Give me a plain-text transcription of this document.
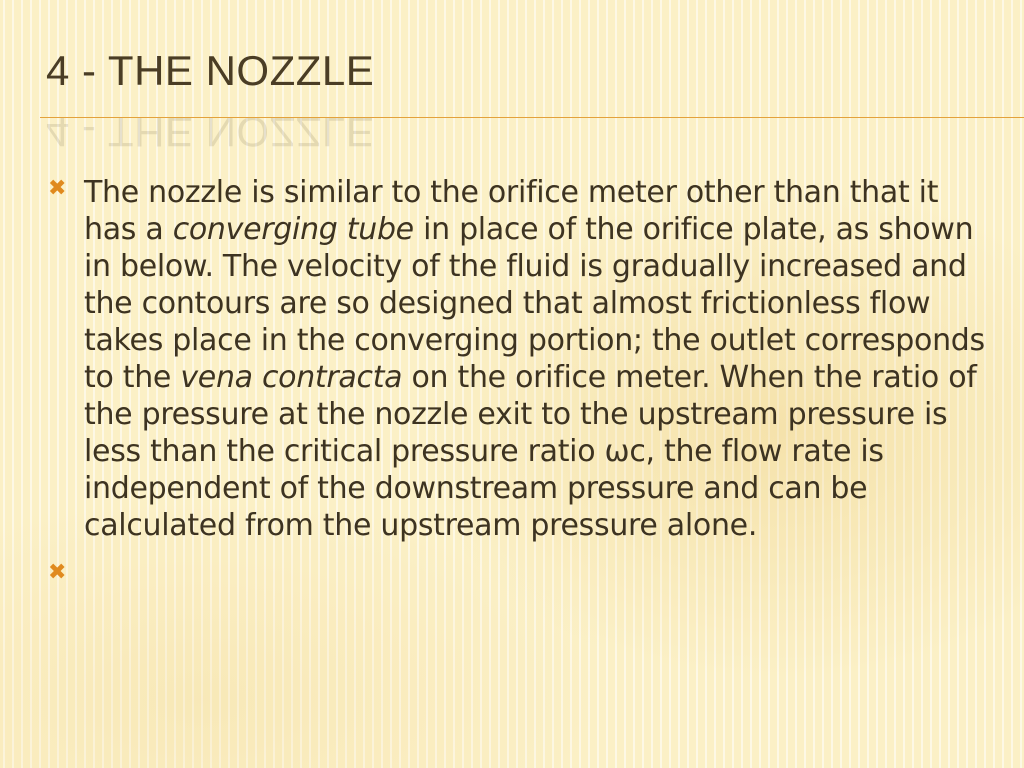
4 - THE NOZZLE
4 - THE NOZZLE
✖ The nozzle is similar to the orifice meter other than that it has a converging tube in place of the orifice plate, as shown in below. The velocity of the fluid is gradually increased and the contours are so designed that almost frictionless flow takes place in the converging portion; the outlet corresponds to the vena contracta on the orifice meter. When the ratio of the pressure at the nozzle exit to the upstream pressure is less than the critical pressure ratio ωc, the flow rate is independent of the downstream pressure and can be calculated from the upstream pressure alone.
✖
